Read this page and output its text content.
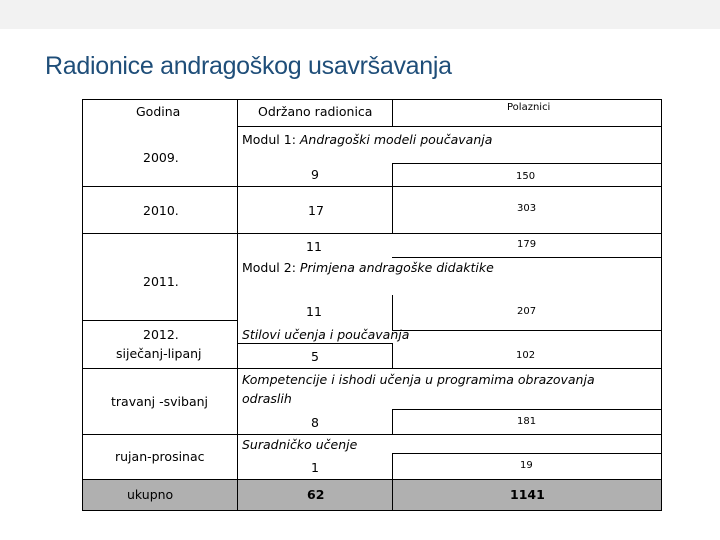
Radionice andragoškog usavršavanja
Godina	Održano radionica	Polaznici
Modul 1: Andragoški modeli poučavanja
Modul 2: Primjena andragoške didaktike
Stilovi učenja i poučavanja
Kompetencije i ishodi učenja u programima obrazovanja
odraslih
Suradničko učenje
2009.
2010.
2011.
2012.
siječanj-lipanj
travanj -svibanj
rujan-prosinac
ukupno
9
17
11
11
5
8
1
62
150
303
179
207
102
181
19
1141
